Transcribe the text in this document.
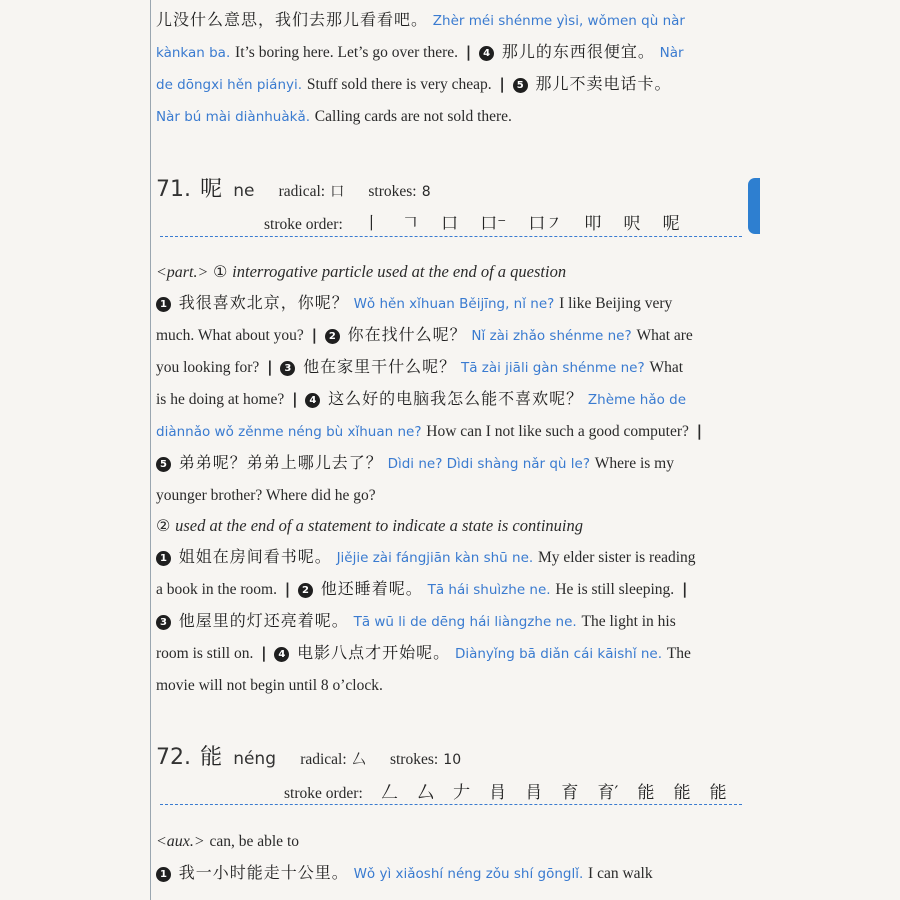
儿没什么意思，我们去那儿看看吧。 Zhèr méi shénme yìsi, wǒmen qù nàr
kànkan ba. It’s boring here. Let’s go over there. | 4 那儿的东西很便宜。 Nàr
de dōngxi hěn piányi. Stuff sold there is very cheap. | 5 那儿不卖电话卡。
Nàr bú mài diànhuàkǎ. Calling cards are not sold there.
71. 呢 ne radical: 口 strokes: 8
stroke order: 丨 𠃍 口 口⁻ 口㇇ 叩 呎 呢
<part.> ① interrogative particle used at the end of a question
1 我很喜欢北京，你呢？ Wǒ hěn xǐhuan Běijīng, nǐ ne? I like Beijing very
much. What about you? | 2 你在找什么呢？ Nǐ zài zhǎo shénme ne? What are
you looking for? | 3 他在家里干什么呢？ Tā zài jiāli gàn shénme ne? What
is he doing at home? | 4 这么好的电脑我怎么能不喜欢呢？ Zhème hǎo de
diànnǎo wǒ zěnme néng bù xǐhuan ne? How can I not like such a good computer? |
5 弟弟呢？弟弟上哪儿去了？ Dìdi ne? Dìdi shàng nǎr qù le? Where is my
younger brother? Where did he go?
② used at the end of a statement to indicate a state is continuing
1 姐姐在房间看书呢。 Jiějie zài fángjiān kàn shū ne. My elder sister is reading
a book in the room. | 2 他还睡着呢。 Tā hái shuìzhe ne. He is still sleeping. |
3 他屋里的灯还亮着呢。 Tā wū li de dēng hái liàngzhe ne. The light in his
room is still on. | 4 电影八点才开始呢。 Diànyǐng bā diǎn cái kāishǐ ne. The
movie will not begin until 8 o’clock.
72. 能 néng radical: 厶 strokes: 10
stroke order: 𠃋 厶 𠂇 肙 肙 育 育′ 能 能 能
<aux.> can, be able to
1 我一小时能走十公里。 Wǒ yì xiǎoshí néng zǒu shí gōnglǐ. I can walk
